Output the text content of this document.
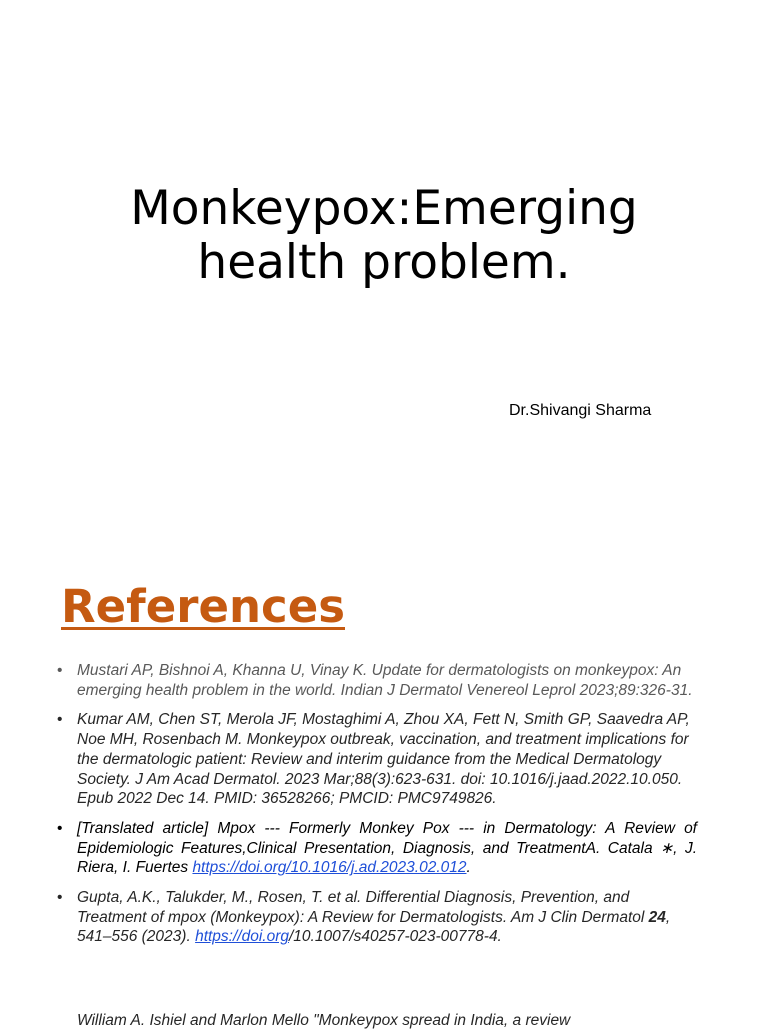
Monkeypox:Emerging
health problem.
Dr.Shivangi Sharma
References
• Mustari AP, Bishnoi A, Khanna U, Vinay K. Update for dermatologists on monkeypox: An emerging health problem in the world. Indian J Dermatol Venereol Leprol 2023;89:326-31.
• Kumar AM, Chen ST, Merola JF, Mostaghimi A, Zhou XA, Fett N, Smith GP, Saavedra AP, Noe MH, Rosenbach M. Monkeypox outbreak, vaccination, and treatment implications for the dermatologic patient: Review and interim guidance from the Medical Dermatology Society. J Am Acad Dermatol. 2023 Mar;88(3):623-631. doi: 10.1016/j.jaad.2022.10.050. Epub 2022 Dec 14. PMID: 36528266; PMCID: PMC9749826.
• [Translated article] Mpox --- Formerly Monkey Pox --- in Dermatology: A Review of Epidemiologic Features,Clinical Presentation, Diagnosis, and TreatmentA. Catala ∗, J. Riera, I. Fuertes https://doi.org/10.1016/j.ad.2023.02.012.
• Gupta, A.K., Talukder, M., Rosen, T. et al. Differential Diagnosis, Prevention, and Treatment of mpox (Monkeypox): A Review for Dermatologists. Am J Clin Dermatol 24, 541–556 (2023). https://doi.org/10.1007/s40257-023-00778-4.
William A. Ishiel and Marlon Mello "Monkeypox spread in India, a review
